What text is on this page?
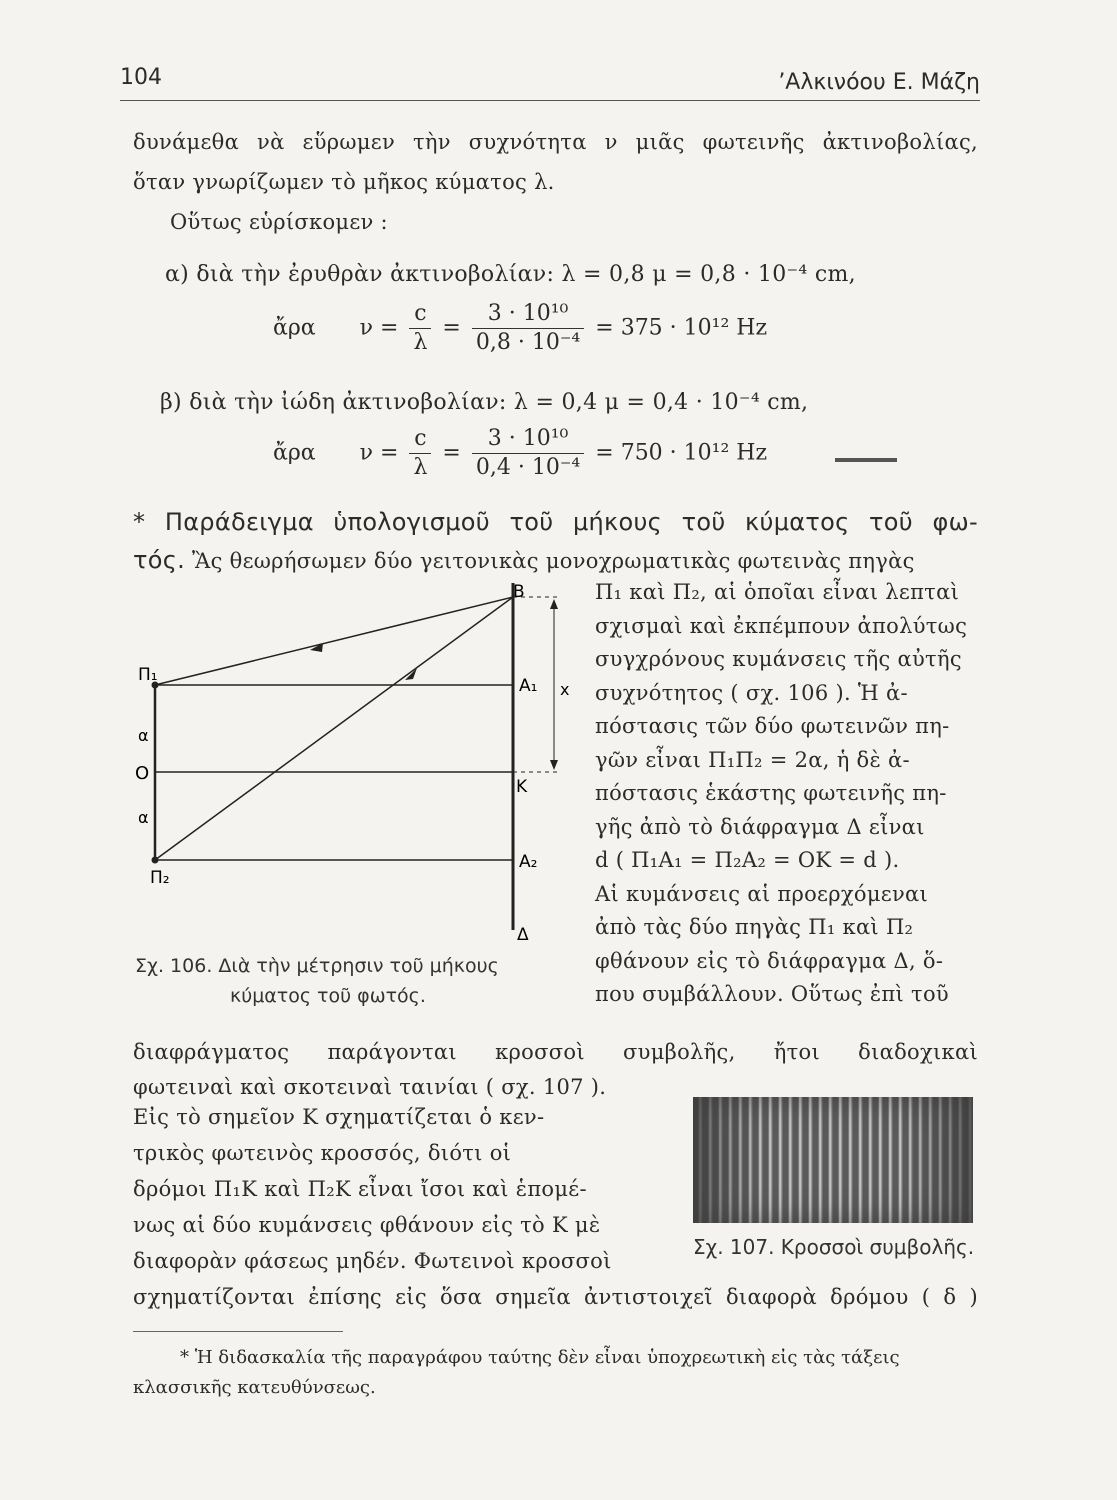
104	’Αλκινόου Ε. Μάζη
δυνάμεθα νὰ εὕρωμεν τὴν συχνότητα ν μιᾶς φωτεινῆς ἀκτινοβολίας,
ὅταν γνωρίζωμεν τὸ μῆκος κύματος λ.
Οὕτως εὑρίσκομεν :
α) διὰ τὴν ἐρυθρὰν ἀκτινοβολίαν: λ = 0,8 μ = 0,8 · 10⁻⁴ cm,
ἄρα $\nu = \frac{c}{\lambda} = \frac{\text{3 · 10¹⁰}}{\text{0,8 · 10⁻⁴}} = 375 \cdot 10^{12}$ Hz
β) διὰ τὴν ἰώδη ἀκτινοβολίαν: λ = 0,4 μ = 0,4 · 10⁻⁴ cm,
ἄρα $\nu = \frac{c}{\lambda} = \frac{\text{3 · 10¹⁰}}{\text{0,4 · 10⁻⁴}} = 750 \cdot 10^{12}$ Hz
* Παράδειγμα ὑπολογισμοῦ τοῦ μήκους τοῦ κύματος τοῦ φω-
τός. Ἂς θεωρήσωμεν δύο γειτονικὰς μονοχρωματικὰς φωτεινὰς πηγὰς
B
A₁
K
A₂
Δ
Π₁
Π₂
O
α
α
x
Σχ. 106. Διὰ τὴν μέτρησιν τοῦ μήκους
κύματος τοῦ φωτός.
Π₁ καὶ Π₂, αἱ ὁποῖαι εἶναι λεπταὶ
σχισμαὶ καὶ ἐκπέμπουν ἀπολύτως
συγχρόνους κυμάνσεις τῆς αὐτῆς
συχνότητος ( σχ. 106 ). Ἡ ἀ-
πόστασις τῶν δύο φωτεινῶν πη-
γῶν εἶναι Π₁Π₂ = 2α, ἡ δὲ ἀ-
πόστασις ἑκάστης φωτεινῆς πη-
γῆς ἀπὸ τὸ διάφραγμα Δ εἶναι
d ( Π₁Α₁ = Π₂Α₂ = ΟΚ = d ).
Αἱ κυμάνσεις αἱ προερχόμεναι
ἀπὸ τὰς δύο πηγὰς Π₁ καὶ Π₂
φθάνουν εἰς τὸ διάφραγμα Δ, ὅ-
που συμβάλλουν. Οὕτως ἐπὶ τοῦ
διαφράγματος παράγονται κροσσοὶ συμβολῆς, ἤτοι διαδοχικαὶ
φωτειναὶ καὶ σκοτειναὶ ταινίαι ( σχ. 107 ).
Εἰς τὸ σημεῖον Κ σχηματίζεται ὁ κεν-
τρικὸς φωτεινὸς κροσσός, διότι οἱ
δρόμοι Π₁Κ καὶ Π₂Κ εἶναι ἴσοι καὶ ἑπομέ-
νως αἱ δύο κυμάνσεις φθάνουν εἰς τὸ Κ μὲ
διαφορὰν φάσεως μηδέν. Φωτεινοὶ κροσσοὶ
Σχ. 107. Κροσσοὶ συμβολῆς.
σχηματίζονται ἐπίσης εἰς ὅσα σημεῖα ἀντιστοιχεῖ διαφορὰ δρόμου ( δ )
* Ἡ διδασκαλία τῆς παραγράφου ταύτης δὲν εἶναι ὑποχρεωτικὴ εἰς τὰς τάξεις
κλασσικῆς κατευθύνσεως.
